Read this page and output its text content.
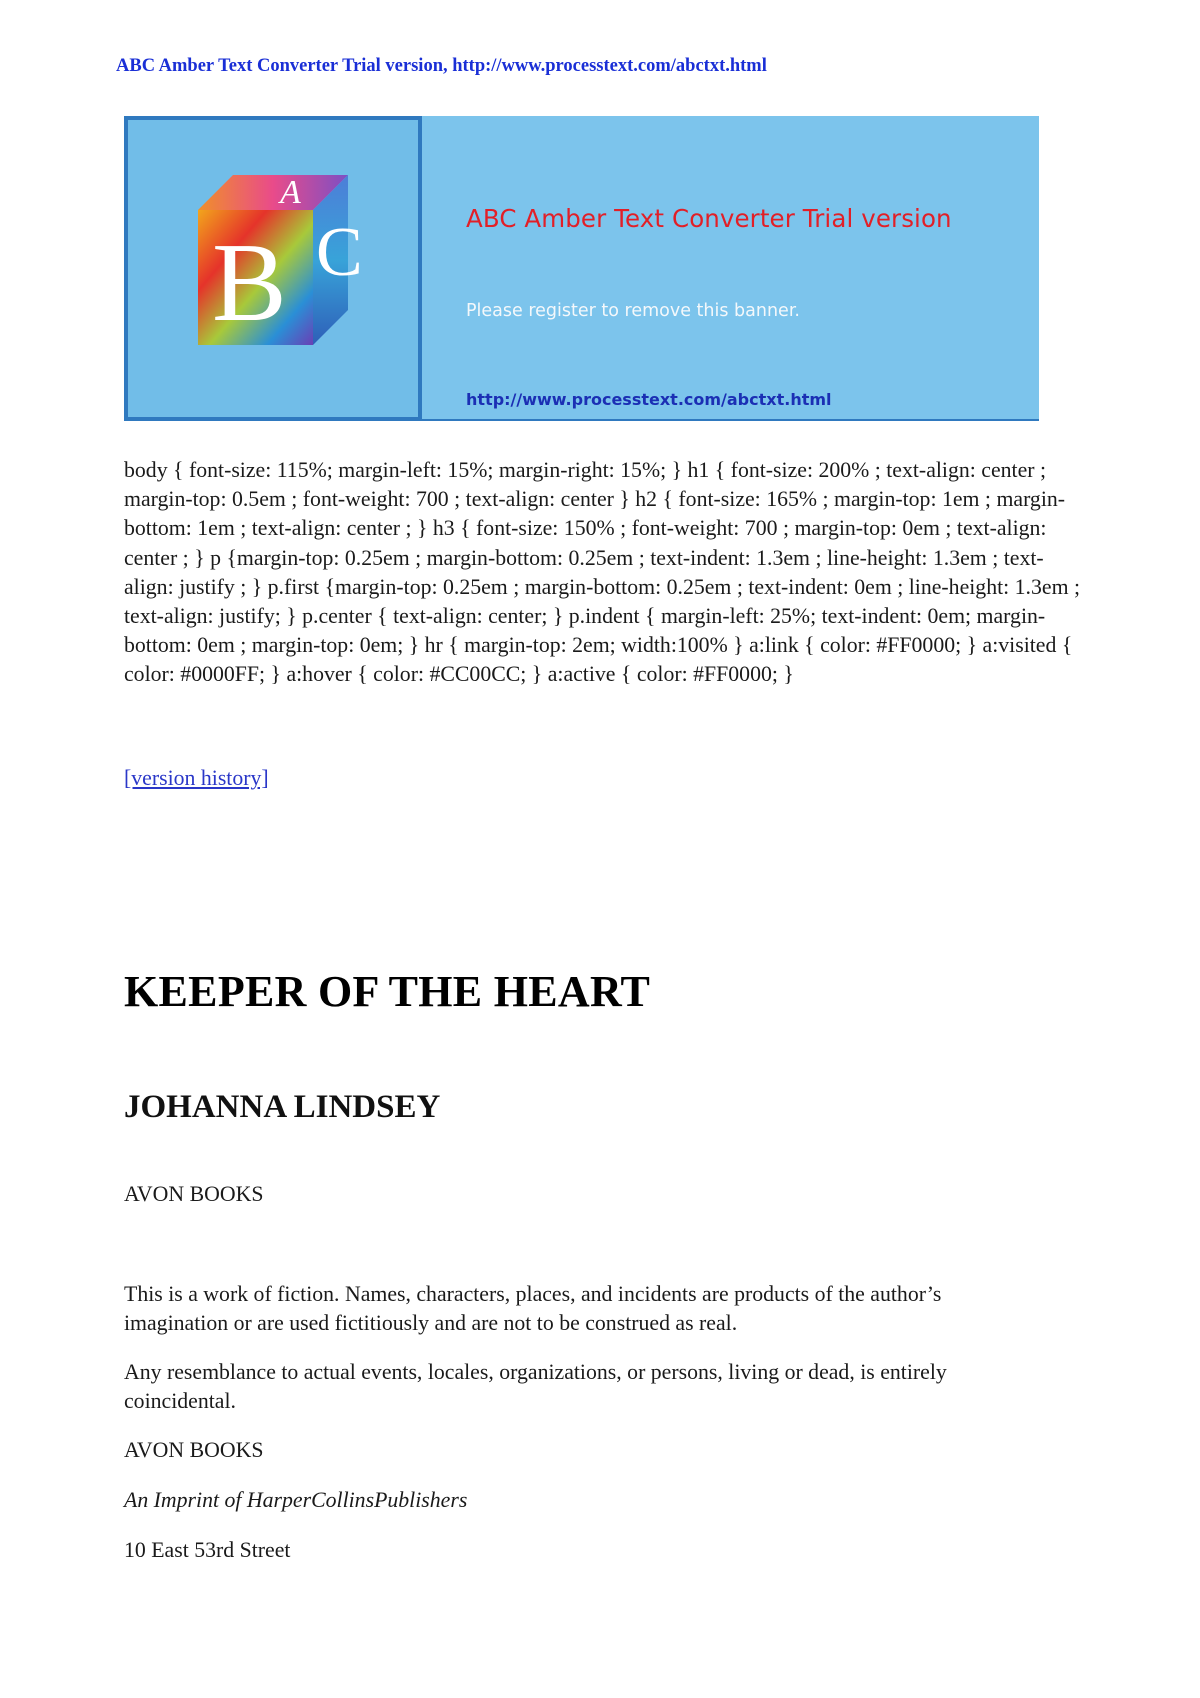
ABC Amber Text Converter Trial version, http://www.processtext.com/abctxt.html
A
B C	ABC Amber Text Converter Trial version
Please register to remove this banner.
http://www.processtext.com/abctxt.html
body { font-size: 115%; margin-left: 15%; margin-right: 15%; } h1 { font-size: 200% ; text-align: center ; margin-top: 0.5em ; font-weight: 700 ; text-align: center } h2 { font-size: 165% ; margin-top: 1em ; margin-bottom: 1em ; text-align: center ; } h3 { font-size: 150% ; font-weight: 700 ; margin-top: 0em ; text-align: center ; } p {margin-top: 0.25em ; margin-bottom: 0.25em ; text-indent: 1.3em ; line-height: 1.3em ; text-align: justify ; } p.first {margin-top: 0.25em ; margin-bottom: 0.25em ; text-indent: 0em ; line-height: 1.3em ; text-align: justify; } p.center { text-align: center; } p.indent { margin-left: 25%; text-indent: 0em; margin-bottom: 0em ; margin-top: 0em; } hr { margin-top: 2em; width:100% } a:link { color: #FF0000; } a:visited { color: #0000FF; } a:hover { color: #CC00CC; } a:active { color: #FF0000; }
[version history]
KEEPER OF THE HEART
JOHANNA LINDSEY

AVON BOOKS

This is a work of fiction. Names, characters, places, and incidents are products of the author’s imagination or are used fictitiously and are not to be construed as real.

Any resemblance to actual events, locales, organizations, or persons, living or dead, is entirely coincidental.

AVON BOOKS

An Imprint of HarperCollinsPublishers

10 East 53rd Street
